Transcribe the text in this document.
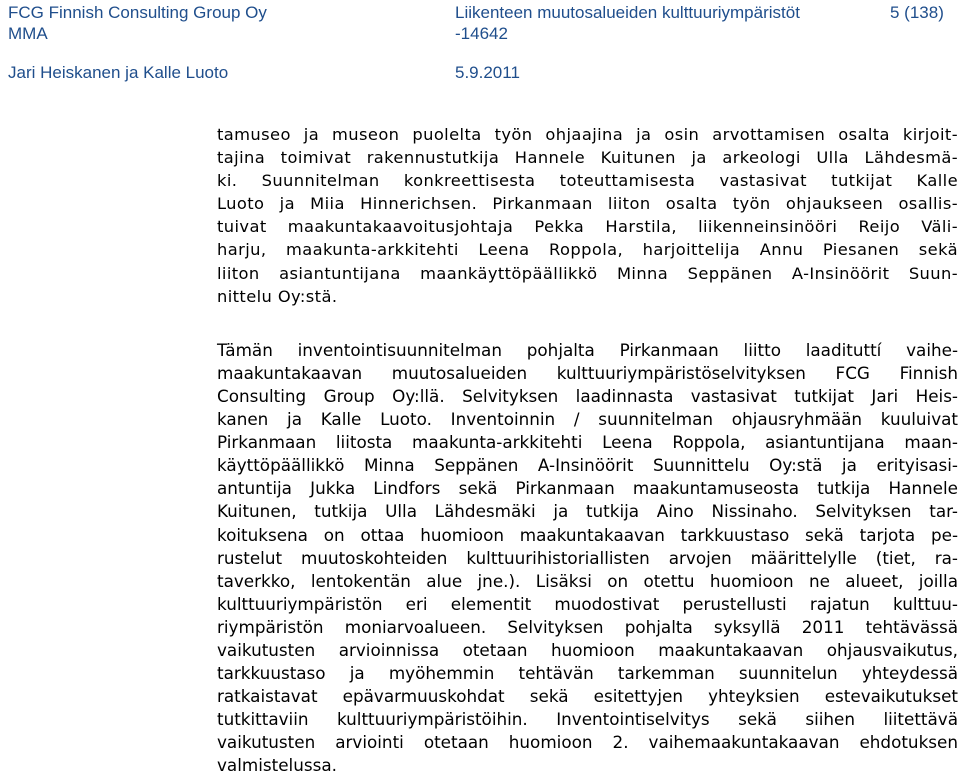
FCG Finnish Consulting Group Oy
MMA
Liikenteen muutosalueiden kulttuuriympäristöt
-14642
5 (138)
Jari Heiskanen ja Kalle Luoto	5.9.2011
tamuseo ja museon puolelta työn ohjaajina ja osin arvottamisen osalta kirjoit-
tajina toimivat rakennustutkija Hannele Kuitunen ja arkeologi Ulla Lähdesmä-
ki. Suunnitelman konkreettisesta toteuttamisesta vastasivat tutkijat Kalle
Luoto ja Miia Hinnerichsen. Pirkanmaan liiton osalta työn ohjaukseen osallis-
tuivat maakuntakaavoitusjohtaja Pekka Harstila, liikenneinsinööri Reijo Väli-
harju, maakunta-arkkitehti Leena Roppola, harjoittelija Annu Piesanen sekä
liiton asiantuntijana maankäyttöpäällikkö Minna Seppänen A-Insinöörit Suun-
nittelu Oy:stä.
Tämän inventointisuunnitelman pohjalta Pirkanmaan liitto laadituttí vaihe-
maakuntakaavan muutosalueiden kulttuuriympäristöselvityksen FCG Finnish
Consulting Group Oy:llä. Selvityksen laadinnasta vastasivat tutkijat Jari Heis-
kanen ja Kalle Luoto. Inventoinnin / suunnitelman ohjausryhmään kuuluivat
Pirkanmaan liitosta maakunta-arkkitehti Leena Roppola, asiantuntijana maan-
käyttöpäällikkö Minna Seppänen A-Insinöörit Suunnittelu Oy:stä ja erityisasi-
antuntija Jukka Lindfors sekä Pirkanmaan maakuntamuseosta tutkija Hannele
Kuitunen, tutkija Ulla Lähdesmäki ja tutkija Aino Nissinaho. Selvityksen tar-
koituksena on ottaa huomioon maakuntakaavan tarkkuustaso sekä tarjota pe-
rustelut muutoskohteiden kulttuurihistoriallisten arvojen määrittelylle (tiet, ra-
taverkko, lentokentän alue jne.). Lisäksi on otettu huomioon ne alueet, joilla
kulttuuriympäristön eri elementit muodostivat perustellusti rajatun kulttuu-
riympäristön moniarvoalueen. Selvityksen pohjalta syksyllä 2011 tehtävässä
vaikutusten arvioinnissa otetaan huomioon maakuntakaavan ohjausvaikutus,
tarkkuustaso ja myöhemmin tehtävän tarkemman suunnitelun yhteydessä
ratkaistavat epävarmuuskohdat sekä esitettyjen yhteyksien estevaikutukset
tutkittaviin kulttuuriympäristöihin. Inventointiselvitys sekä siihen liitettävä
vaikutusten arviointi otetaan huomioon 2. vaihemaakuntakaavan ehdotuksen
valmistelussa.
